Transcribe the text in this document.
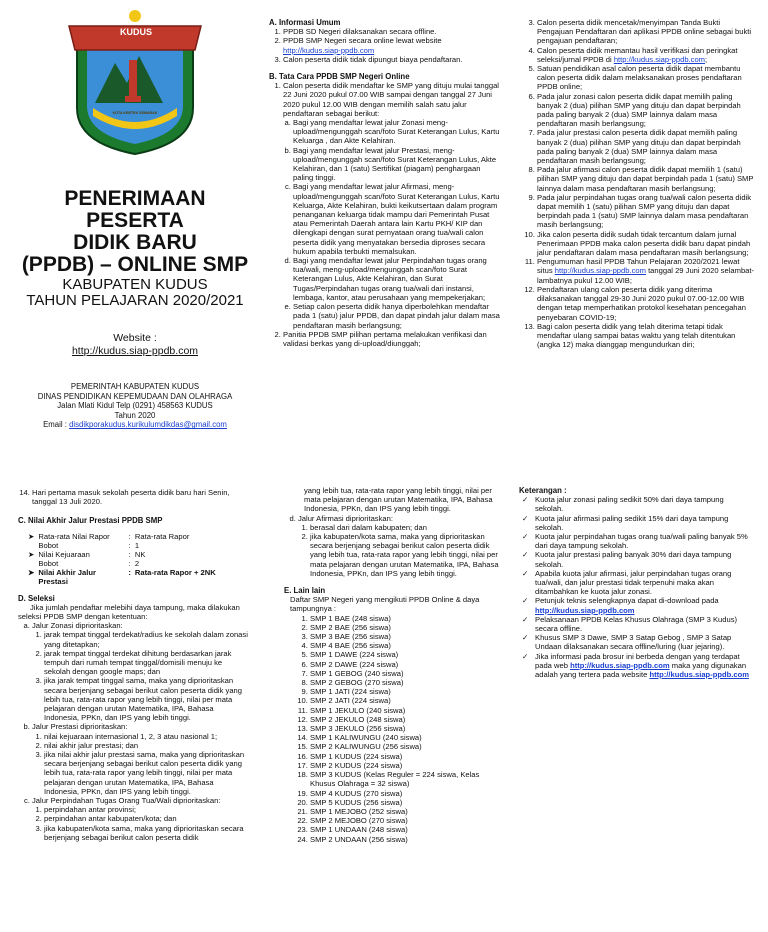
KUDUS
KOTA KRETEK SEMARAK
PENERIMAAN PESERTA
DIDIK BARU
(PPDB) – ONLINE SMP
KABUPATEN KUDUS
TAHUN PELAJARAN 2020/2021
Website :
http://kudus.siap-ppdb.com
PEMERINTAH KABUPATEN KUDUS
DINAS PENDIDIKAN KEPEMUDAAN DAN OLAHRAGA
Jalan Mlati Kidul Telp (0291) 458563 KUDUS
Tahun 2020
Email : disdikporakudus.kurikulumdikdas@gmail.com
A. Informasi Umum
1. PPDB SD Negeri dilaksanakan secara offline.
2. PPDB SMP Negeri secara online lewat website http://kudus.siap-ppdb.com
3. Calon peserta didik tidak dipungut biaya pendaftaran.
B. Tata Cara PPDB SMP Negeri Online
1. Calon peserta didik mendaftar ke SMP yang dituju mulai tanggal 22 Juni 2020 pukul 07.00 WIB sampai dengan tanggal 27 Juni 2020 pukul 12.00 WIB dengan memilih salah satu jalur pendaftaran sebagai berikut:
a. Bagi yang mendaftar lewat jalur Zonasi meng-upload/mengunggah scan/foto Surat Keterangan Lulus, Kartu Keluarga , dan Akte Kelahiran.
b. Bagi yang mendaftar lewat jalur Prestasi, meng-upload/mengunggah scan/foto Surat Keterangan Lulus, Akte Kelahiran, dan 1 (satu) Sertifikat (piagam) penghargaan paling tinggi.
c. Bagi yang mendaftar lewat jalur Afirmasi, meng-upload/mengunggah scan/foto Surat Keterangan Lulus, Kartu Keluarga, Akte Kelahiran, bukti keikutsertaan dalam program penanganan keluarga tidak mampu dari Pemerintah Pusat atau Pemerintah Daerah antara lain Kartu PKH/ KIP dan dilengkapi dengan surat pernyataan orang tua/wali calon peserta didik yang menyatakan bersedia diproses secara hukum apabila terbukti memalsukan.
d. Bagi yang mendaftar lewat jalur Perpindahan tugas orang tua/wali, meng-upload/mengunggah scan/foto Surat Keterangan Lulus, Akte Kelahiran, dan Surat Tugas/Perpindahan tugas orang tua/wali dari instansi, lembaga, kantor, atau perusahaan yang mempekerjakan;
e. Setiap calon peserta didik hanya diperbolehkan mendaftar pada 1 (satu) jalur PPDB, dan dapat pindah jalur dalam masa pendaftaran masih berlangsung;
2. Panitia PPDB SMP pilihan pertama melakukan verifikasi dan validasi berkas yang di-upload/diunggah;
3. Calon peserta didik mencetak/menyimpan Tanda Bukti Pengajuan Pendaftaran dari aplikasi PPDB online sebagai bukti pengajuan pendaftaran;
4. Calon peserta didik memantau hasil verifikasi dan peringkat seleksi/jurnal PPDB di http://kudus.siap-ppdb.com;
5. Satuan pendidikan asal calon peserta didik dapat membantu calon peserta didik dalam melaksanakan proses pendaftaran PPDB online;
6. Pada jalur zonasi calon peserta didik dapat memilih paling banyak 2 (dua) pilihan SMP yang dituju dan dapat berpindah pada paling banyak 2 (dua) SMP lainnya dalam masa pendaftaran masih berlangsung;
7. Pada jalur prestasi calon peserta didik dapat memilih paling banyak 2 (dua) pilihan SMP yang dituju dan dapat berpindah pada paling banyak 2 (dua) SMP lainnya dalam masa pendaftaran masih berlangsung;
8. Pada jalur afirmasi calon peserta didik dapat memilih 1 (satu) pilihan SMP yang dituju dan dapat berpindah pada 1 (satu) SMP lainnya dalam masa pendaftaran masih berlangsung;
9. Pada jalur perpindahan tugas orang tua/wali calon peserta didik dapat memilih 1 (satu) pilihan SMP yang dituju dan dapat berpindah pada 1 (satu) SMP lainnya dalam masa pendaftaran masih berlangsung;
10. Jika calon peserta didik sudah tidak tercantum dalam jurnal Penerimaan PPDB maka calon peserta didik baru dapat pindah jalur pendaftaran dalam masa pendaftaran masih berlangsung;
11. Pengumuman hasil PPDB Tahun Pelajaran 2020/2021 lewat situs http://kudus.siap-ppdb.com tanggal 29 Juni 2020 selambat-lambatnya pukul 12.00 WIB;
12. Pendaftaran ulang calon peserta didik yang diterima dilaksanakan tanggal 29-30 Juni 2020 pukul 07.00-12.00 WIB dengan tetap memperhatikan protokol kesehatan pencegahan penyebaran COVID-19;
13. Bagi calon peserta didik yang telah diterima tetapi tidak mendaftar ulang sampai batas waktu yang telah ditentukan (angka 12) maka dianggap mengundurkan diri;
14. Hari pertama masuk sekolah peserta didik baru hari Senin, tanggal 13 Juli 2020.
C. Nilai Akhir Jalur Prestasi PPDB SMP
➤	Rata-rata Nilai Rapor	:	Rata-rata Rapor
	Bobot	:	1
➤	Nilai Kejuaraan	:	NK
	Bobot	:	2
➤	Nilai Akhir Jalur Prestasi	:	Rata-rata Rapor + 2NK
D. Seleksi
Jika jumlah pendaftar melebihi daya tampung, maka dilakukan seleksi PPDB SMP dengan ketentuan:
a. Jalur Zonasi diprioritaskan:
1. jarak tempat tinggal terdekat/radius ke sekolah dalam zonasi yang ditetapkan;
2. jarak tempat tinggal terdekat dihitung berdasarkan jarak tempuh dari rumah tempat tinggal/domisili menuju ke sekolah dengan google maps; dan
3. jika jarak tempat tinggal sama, maka yang diprioritaskan secara berjenjang sebagai berikut calon peserta didik yang lebih tua, rata-rata rapor yang lebih tinggi, nilai per mata pelajaran dengan urutan Matematika, IPA, Bahasa Indonesia, PPKn, dan IPS yang lebih tinggi.
b. Jalur Prestasi diprioritaskan:
1. nilai kejuaraan internasional 1, 2, 3 atau nasional 1;
2. nilai akhir jalur prestasi; dan
3. jika nilai akhir jalur prestasi sama, maka yang diprioritaskan secara berjenjang sebagai berikut calon peserta didik yang lebih tua, rata-rata rapor yang lebih tinggi, nilai per mata pelajaran dengan urutan Matematika, IPA, Bahasa Indonesia, PPKn, dan IPS yang lebih tinggi.
c. Jalur Perpindahan Tugas Orang Tua/Wali diprioritaskan:
1. perpindahan antar provinsi;
2. perpindahan antar kabupaten/kota; dan
3. jika kabupaten/kota sama, maka yang diprioritaskan secara berjenjang sebagai berikut calon peserta didik
yang lebih tua, rata-rata rapor yang lebih tinggi, nilai per mata pelajaran dengan urutan Matematika, IPA, Bahasa Indonesia, PPKn, dan IPS yang lebih tinggi.
d. Jalur Afirmasi diprioritaskan:
1. berasal dari dalam kabupaten; dan
2. jika kabupaten/kota sama, maka yang diprioritaskan secara berjenjang sebagai berikut calon peserta didik yang lebih tua, rata-rata rapor yang lebih tinggi, nilai per mata pelajaran dengan urutan Matematika, IPA, Bahasa Indonesia, PPKn, dan IPS yang lebih tinggi.
E. Lain lain
Daftar SMP Negeri yang mengikuti PPDB Online & daya tampungnya :
1. SMP 1 BAE (248 siswa)
2. SMP 2 BAE (256 siswa)
3. SMP 3 BAE (256 siswa)
4. SMP 4 BAE (256 siswa)
5. SMP 1 DAWE (224 siswa)
6. SMP 2 DAWE (224 siswa)
7. SMP 1 GEBOG (240 siswa)
8. SMP 2 GEBOG (270 siswa)
9. SMP 1 JATI (224 siswa)
10. SMP 2 JATI (224 siswa)
11. SMP 1 JEKULO (240 siswa)
12. SMP 2 JEKULO (248 siswa)
13. SMP 3 JEKULO (256 siswa)
14. SMP 1 KALIWUNGU (240 siswa)
15. SMP 2 KALIWUNGU (256 siswa)
16. SMP 1 KUDUS (224 siswa)
17. SMP 2 KUDUS (224 siswa)
18. SMP 3 KUDUS (Kelas Reguler = 224 siswa, Kelas Khusus Olahraga = 32 siswa)
19. SMP 4 KUDUS (270 siswa)
20. SMP 5 KUDUS (256 siswa)
21. SMP 1 MEJOBO (252 siswa)
22. SMP 2 MEJOBO (270 siswa)
23. SMP 1 UNDAAN (248 siswa)
24. SMP 2 UNDAAN (256 siswa)
Keterangan :
✓ Kuota jalur zonasi paling sedikit 50% dari daya tampung sekolah.
✓ Kuota jalur afirmasi paling sedikit 15% dari daya tampung sekolah.
✓ Kuota jalur perpindahan tugas orang tua/wali paling banyak 5% dari daya tampung sekolah.
✓ Kuota jalur prestasi paling banyak 30% dari daya tampung sekolah.
✓ Apabila kuota jalur afirmasi, jalur perpindahan tugas orang tua/wali, dan jalur prestasi tidak terpenuhi maka akan ditambahkan ke kuota jalur zonasi.
✓ Petunjuk teknis selengkapnya dapat di-download pada http://kudus.siap-ppdb.com
✓ Pelaksanaan PPDB Kelas Khusus Olahraga (SMP 3 Kudus) secara offline.
✓ Khusus SMP 3 Dawe, SMP 3 Satap Gebog , SMP 3 Satap Undaan dilaksanakan secara offline/luring (luar jejaring).
✓ Jika informasi pada brosur ini berbeda dengan yang terdapat pada web http://kudus.siap-ppdb.com maka yang digunakan adalah yang tertera pada website http://kudus.siap-ppdb.com
